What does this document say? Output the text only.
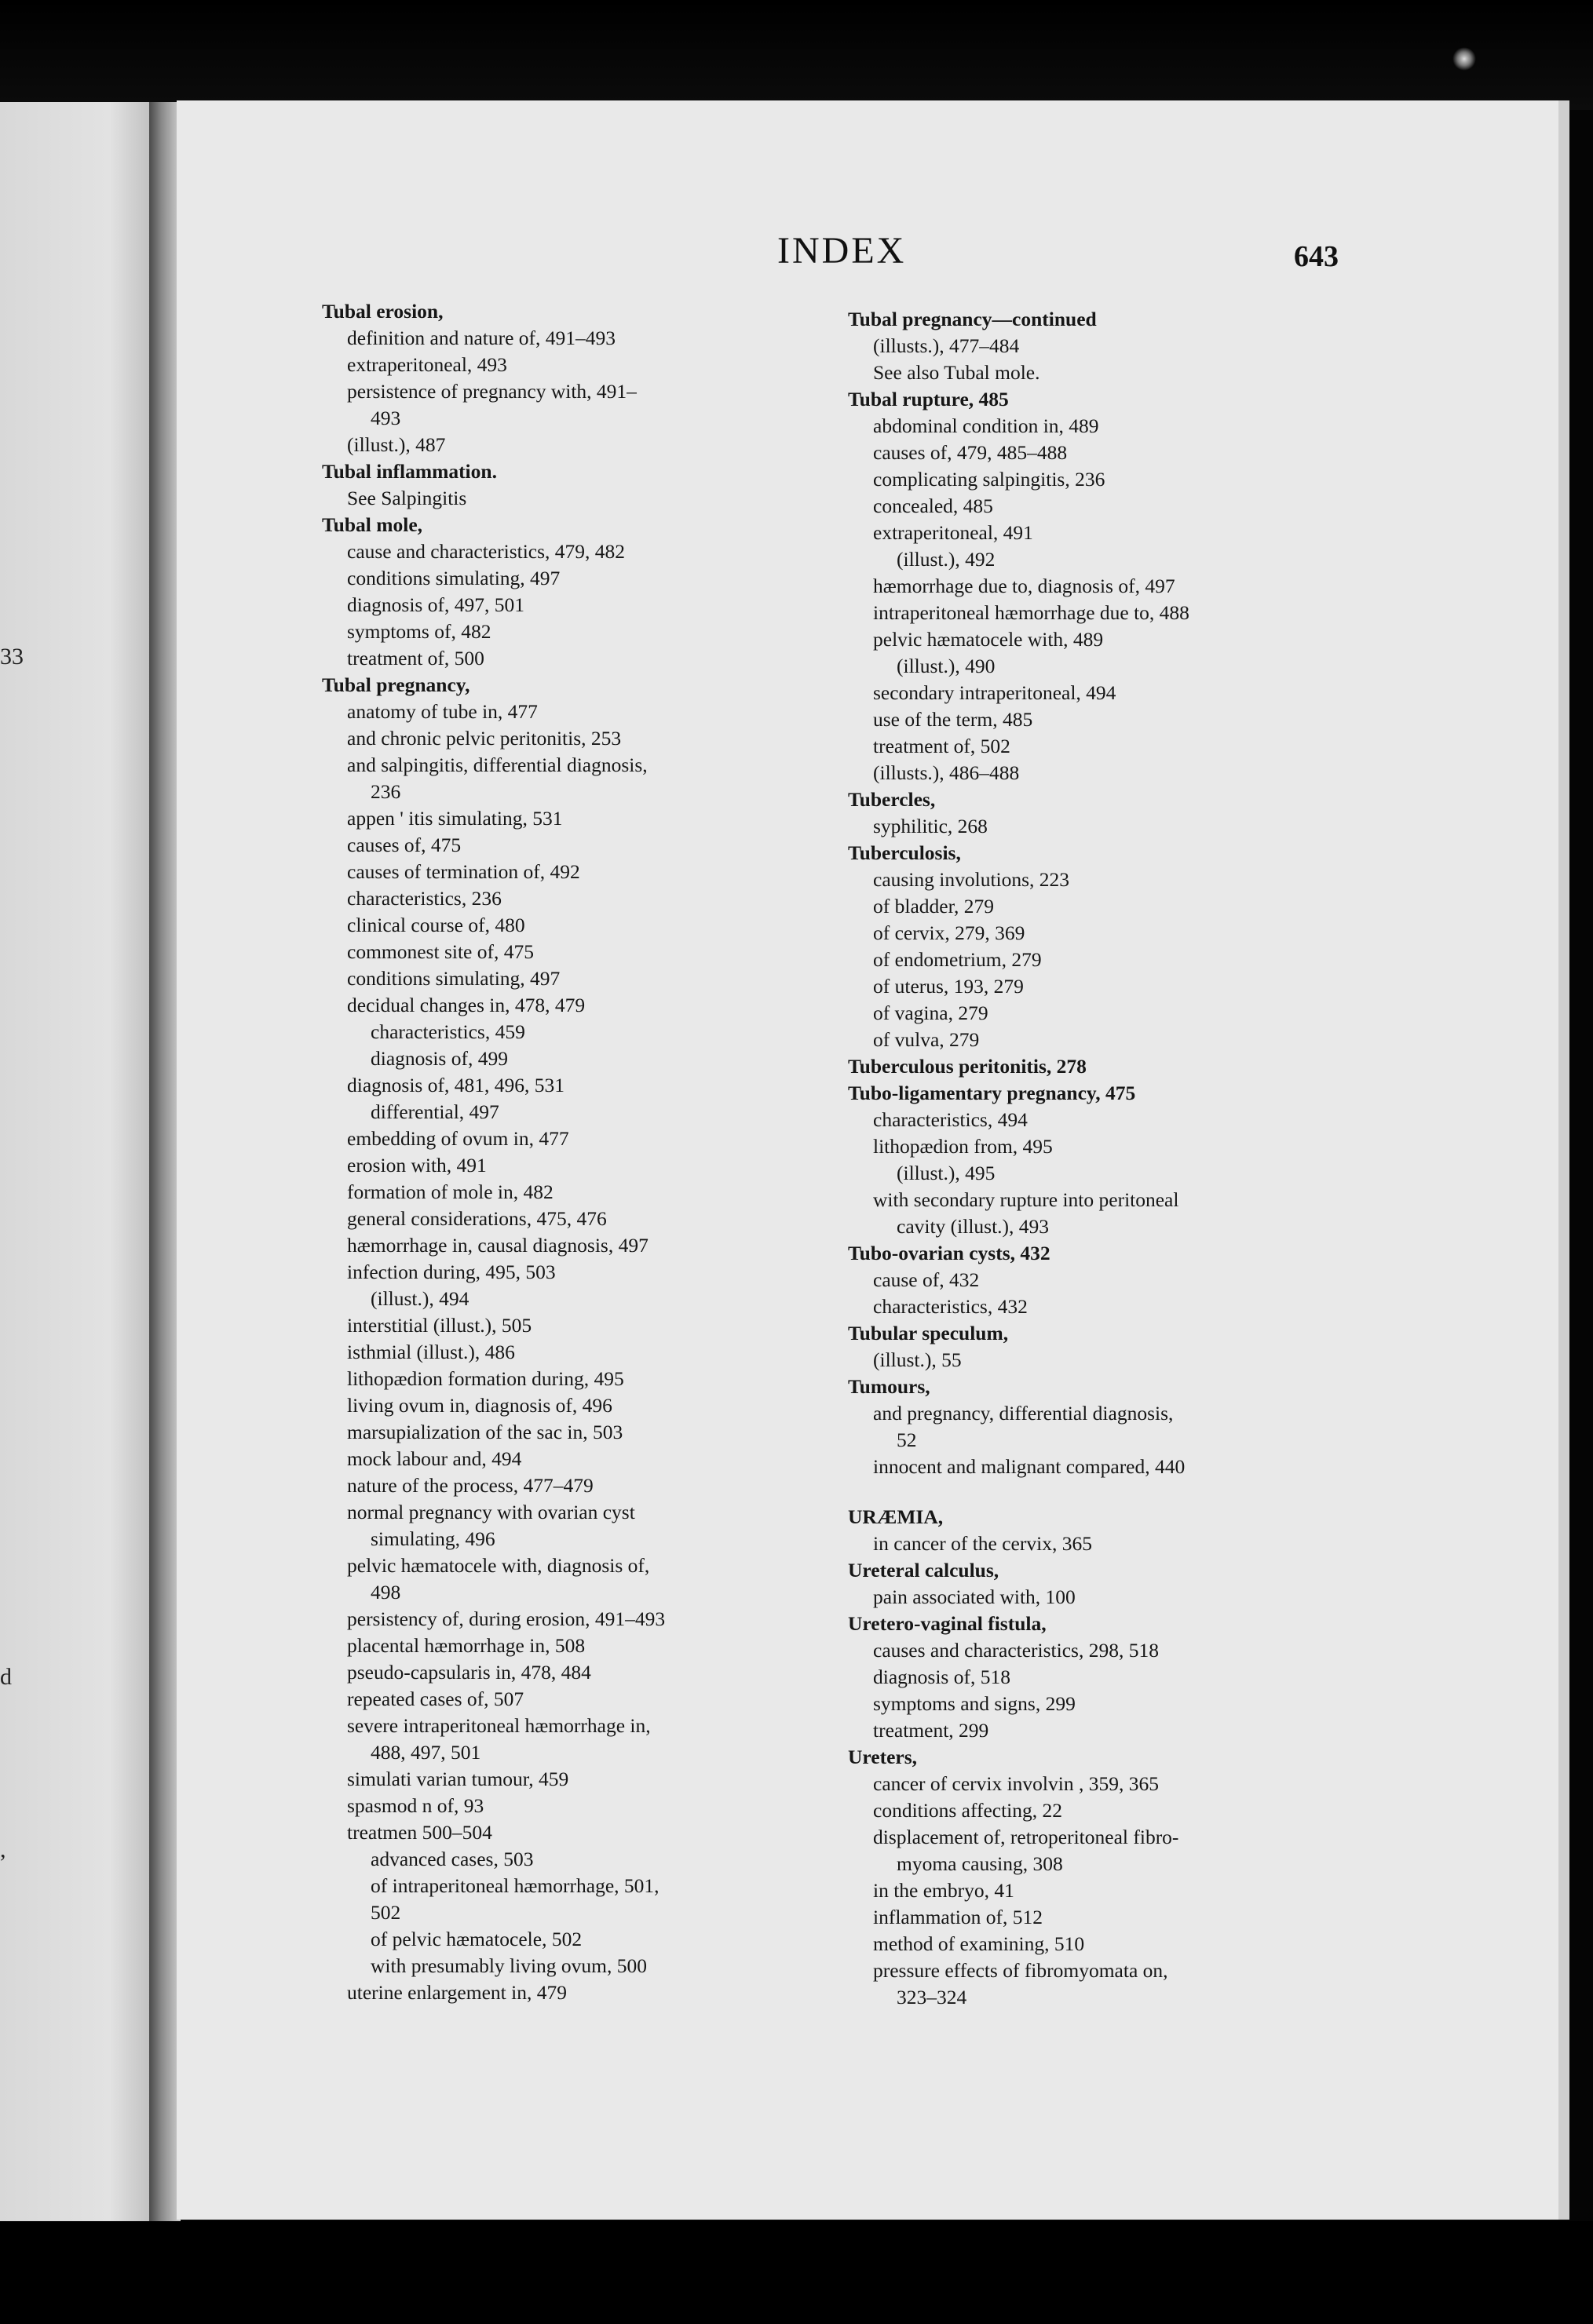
33
d
,
INDEX	643
Tubal erosion,
definition and nature of, 491–493
extraperitoneal, 493
persistence of pregnancy with, 491–
493
(illust.), 487
Tubal inflammation.
See Salpingitis
Tubal mole,
cause and characteristics, 479, 482
conditions simulating, 497
diagnosis of, 497, 501
symptoms of, 482
treatment of, 500
Tubal pregnancy,
anatomy of tube in, 477
and chronic pelvic peritonitis, 253
and salpingitis, differential diagnosis,
236
appen ' itis simulating, 531
causes of, 475
causes of termination of, 492
characteristics, 236
clinical course of, 480
commonest site of, 475
conditions simulating, 497
decidual changes in, 478, 479
characteristics, 459
diagnosis of, 499
diagnosis of, 481, 496, 531
differential, 497
embedding of ovum in, 477
erosion with, 491
formation of mole in, 482
general considerations, 475, 476
hæmorrhage in, causal diagnosis, 497
infection during, 495, 503
(illust.), 494
interstitial (illust.), 505
isthmial (illust.), 486
lithopædion formation during, 495
living ovum in, diagnosis of, 496
marsupialization of the sac in, 503
mock labour and, 494
nature of the process, 477–479
normal pregnancy with ovarian cyst
simulating, 496
pelvic hæmatocele with, diagnosis of,
498
persistency of, during erosion, 491–493
placental hæmorrhage in, 508
pseudo-capsularis in, 478, 484
repeated cases of, 507
severe intraperitoneal hæmorrhage in,
488, 497, 501
simulati varian tumour, 459
spasmod n of, 93
treatmen 500–504
advanced cases, 503
of intraperitoneal hæmorrhage, 501,
502
of pelvic hæmatocele, 502
with presumably living ovum, 500
uterine enlargement in, 479
Tubal pregnancy—continued
(illusts.), 477–484
See also Tubal mole.
Tubal rupture, 485
abdominal condition in, 489
causes of, 479, 485–488
complicating salpingitis, 236
concealed, 485
extraperitoneal, 491
(illust.), 492
hæmorrhage due to, diagnosis of, 497
intraperitoneal hæmorrhage due to, 488
pelvic hæmatocele with, 489
(illust.), 490
secondary intraperitoneal, 494
use of the term, 485
treatment of, 502
(illusts.), 486–488
Tubercles,
syphilitic, 268
Tuberculosis,
causing involutions, 223
of bladder, 279
of cervix, 279, 369
of endometrium, 279
of uterus, 193, 279
of vagina, 279
of vulva, 279
Tuberculous peritonitis, 278
Tubo-ligamentary pregnancy, 475
characteristics, 494
lithopædion from, 495
(illust.), 495
with secondary rupture into peritoneal
cavity (illust.), 493
Tubo-ovarian cysts, 432
cause of, 432
characteristics, 432
Tubular speculum,
(illust.), 55
Tumours,
and pregnancy, differential diagnosis,
52
innocent and malignant compared, 440
URÆMIA,
in cancer of the cervix, 365
Ureteral calculus,
pain associated with, 100
Uretero-vaginal fistula,
causes and characteristics, 298, 518
diagnosis of, 518
symptoms and signs, 299
treatment, 299
Ureters,
cancer of cervix involvin , 359, 365
conditions affecting, 22
displacement of, retroperitoneal fibro-
myoma causing, 308
in the embryo, 41
inflammation of, 512
method of examining, 510
pressure effects of fibromyomata on,
323–324
